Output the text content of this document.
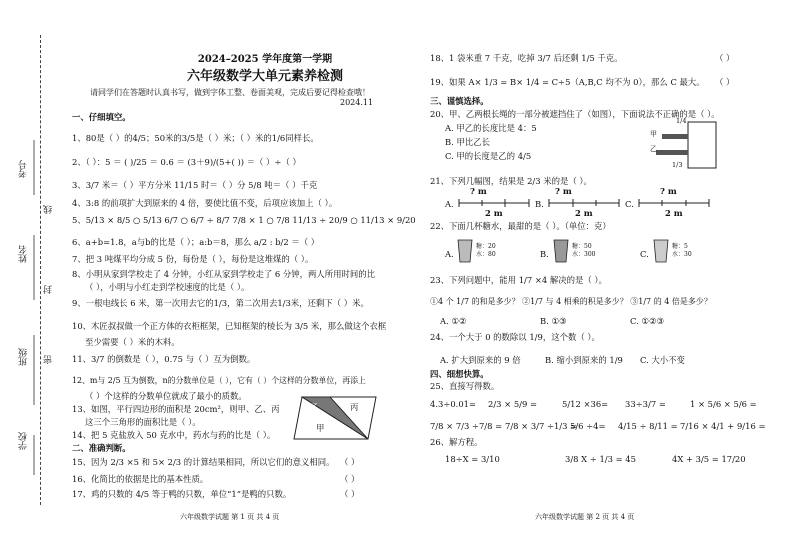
考号
姓名
班级
学校
线
封
密
2024–2025 学年度第一学期
六年级数学大单元素养检测
请同学们在答题时认真书写，做到字体工整、卷面美观，完成后要记得检查哦！
2024.11
一、仔细填空。
1、80是（ ）的4/5；50米的3/5是（ ）米；（ ）米的1/6同样长。
2、（ ）：5 ＝ ( )/25 ＝ 0.6 ＝ (3＋9)/(5+( )) ＝（ ）÷（ ）
3、3/7 米＝（ ）平方分米 11/15 时＝（ ）分 5/8 吨＝（ ）千克
4、3:8 的前项扩大到原来的 4 倍，要使比值不变，后项应该加上（ ）。
5、5/13 × 8/5 ○ 5/13 6/7 ○ 6/7 ÷ 8/7 7/8 × 1 ○ 7/8 11/13 ÷ 20/9 ○ 11/13 × 9/20
6、a+b=1.8，a与b的比是（ ）；a:b＝8，那么 a/2 : b/2 ＝（ ）
7、把 3 吨煤平均分成 5 份，每份是（ ），每份是这堆煤的（ ）。
8、小明从家到学校走了 4 分钟，小红从家到学校走了 6 分钟，两人所用时间的比
（ ），小明与小红走到学校速度的比是（ ）。
9、一根电线长 6 米，第一次用去它的1/3，第二次用去1/3米，还剩下（ ）米。
10、木匠叔叔做一个正方体的衣柜框架，已知框架的棱长为 3/5 米，那么做这个衣框
至少需要（ ）米的木料。
11、3/7 的倒数是（ ），0.75 与（ ）互为倒数。
12、m与 2/5 互为倒数，n的分数单位是（ ），它有（ ）个这样的分数单位，再添上
（ ）个这样的分数单位就成了最小的质数。
13、如图，平行四边形的面积是 20cm²，则甲、乙、丙
这三个三角形的面积比是（ ）。
14、把 5 克盐放入 50 克水中，药水与药的比是（ ）。
乙	丙
甲
二、准确判断。
15、因为 2/3 ×5 和 5× 2/3 的计算结果相同，所以它们的意义相同。 （ ）
16、化简比的依据是比的基本性质。	（ ）
17、鸡的只数的 4/5 等于鸭的只数，单位“1”是鸭的只数。	（ ）
六年级数学试题 第 1 页 共 4 页
18、1 袋米重 7 千克，吃掉 3/7 后还剩 1/5 千克。	（ ）
19、如果 A× 1/3 = B× 1/4 = C÷5（A,B,C 均不为 0），那么 C 最大。 （ ）
三、谨慎选择。
20、甲、乙两根长绳的一部分被遮挡住了（如图），下面说法不正确的是（ ）。
A. 甲乙的长度比是 4：5
B. 甲比乙长
C. 甲的长度是乙的 4/5
甲
乙
1/4
1/3
21、下列几幅图，结果是 2/3 米的是（ ）。
A.	B.	C.
? m
2 m
? m
2 m
? m
2 m
22、下面几杯糖水，最甜的是（ ）。（单位：克）
A.
糖：20
水：80	B.
糖：50
水：300	C.
糖：5
水：30
23、下列问题中，能用 1/7 ×4 解决的是（ ）。
①4 个 1/7 的和是多少？ ②1/7 与 4 相乘的积是多少？ ③1/7 的 4 倍是多少？
A. ①②	B. ①③	C. ①②③
24、一个大于 0 的数除以 1/9，这个数（ ）。
A. 扩大到原来的 9 倍	B. 缩小到原来的 1/9 C. 大小不变
四、细想快算。
25、直接写得数。
4.3÷0.01= 2/3 × 5/9 =	5/12 ×36= 33÷3/7 =	1 × 5/6 × 5/6 =
7/8 × 7/3 ÷7/8 = 7/8 × 3/7 ÷1/3 =
5/6 ÷4= 4/15 ÷ 8/11 = 7/16 × 4/1 + 9/16 =
26、解方程。
18÷X = 3/10	3/8 X ÷ 1/3 = 45	4X + 3/5 = 17/20
六年级数学试题 第 2 页 共 4 页
